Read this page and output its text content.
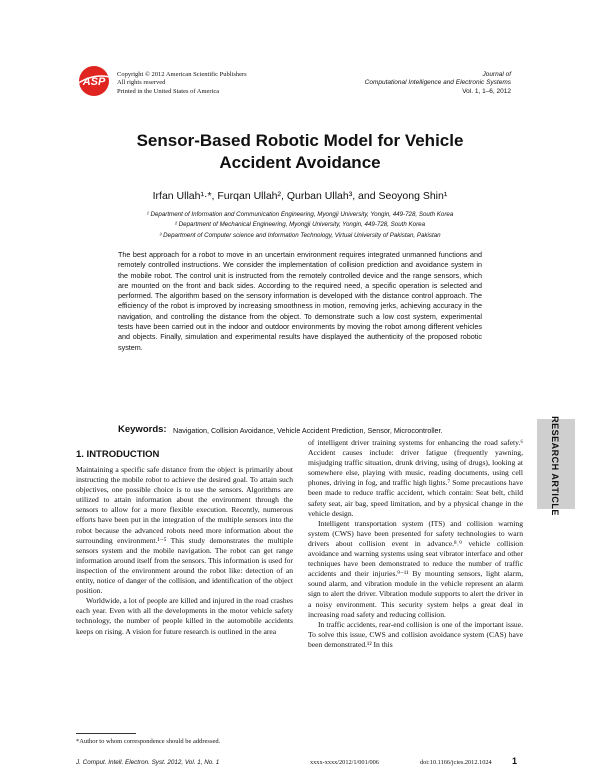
ASP
Copyright © 2012 American Scientific Publishers
All rights reserved
Printed in the United States of America
Journal of
Computational Intelligence and Electronic Systems
Vol. 1, 1–6, 2012
Sensor-Based Robotic Model for Vehicle
Accident Avoidance
Irfan Ullah¹·*, Furqan Ullah², Qurban Ullah³, and Seoyong Shin¹
¹ Department of Information and Communication Engineering, Myongji University, Yongin, 449-728, South Korea
² Department of Mechanical Engineering, Myongji University, Yongin, 449-728, South Korea
³ Department of Computer science and Information Technology, Virtual University of Pakistan, Pakistan
The best approach for a robot to move in an uncertain environment requires integrated unmanned functions and remotely controlled instructions. We consider the implementation of collision prediction and avoidance system in the mobile robot. The control unit is instructed from the remotely controlled device and the range sensors, which are mounted on the front and back sides. According to the required need, a specific operation is selected and performed. The algorithm based on the sensory information is developed with the distance control approach. The efficiency of the robot is improved by increasing smoothness in motion, removing jerks, achieving accuracy in the navigation, and controlling the distance from the object. To demonstrate such a low cost system, experimental tests have been carried out in the indoor and outdoor environments by moving the robot among different vehicles and objects. Finally, simulation and experimental results have displayed the authenticity of the proposed robotic system.
Keywords: Navigation, Collision Avoidance, Vehicle Accident Prediction, Sensor, Microcontroller.	RESEARCH ARTICLE
1. INTRODUCTION

Maintaining a specific safe distance from the object is primarily about instructing the mobile robot to achieve the desired goal. To attain such objectives, one possible choice is to use the sensors. Algorithms are utilized to attain information about the environment through the sensors to allow for a more flexible execution. Recently, numerous efforts have been put in the integration of the multiple sensors into the robot because the advanced robots need more information about the surrounding environment.¹⁻⁵ This study demonstrates the multiple sensors system and the mobile navigation. The robot can get range information around itself from the sensors. This information is used for inspection of the environment around the robot like: detection of an entity, notice of danger of the collision, and identification of the object position.

Worldwide, a lot of people are killed and injured in the road crashes each year. Even with all the developments in the motor vehicle safety technology, the number of people killed in the automobile accidents keeps on rising. A vision for future research is outlined in the area

of intelligent driver training systems for enhancing the road safety.⁶ Accident causes include: driver fatigue (frequently yawning, misjudging traffic situation, drunk driving, using of drugs), looking at somewhere else, playing with music, reading documents, using cell phones, driving in fog, and traffic high lights.⁷ Some precautions have been made to reduce traffic accident, which contain: Seat belt, child safety seat, air bag, speed limitation, and by a physical change in the vehicle design.

Intelligent transportation system (ITS) and collision warning system (CWS) have been presented for safety technologies to warn drivers about collision event in advance.⁸˒⁹ vehicle collision avoidance and warning systems using seat vibrator interface and other techniques have been demonstrated to reduce the number of traffic accidents and their injuries.⁹⁻¹¹ By mounting sensors, light alarm, sound alarm, and vibration module in the vehicle represent an alarm sign to alert the driver. Vibration module supports to alert the driver in a noisy environment. This security system helps a great deal in increasing road safety and reducing collision.

In traffic accidents, rear-end collision is one of the important issue. To solve this issue, CWS and collision avoidance system (CAS) have been demonstrated.¹² In this

*Author to whom correspondence should be addressed.
J. Comput. Intell. Electron. Syst. 2012, Vol. 1, No. 1	xxxx-xxxx/2012/1/001/006	doi:10.1166/jcies.2012.1024 1
